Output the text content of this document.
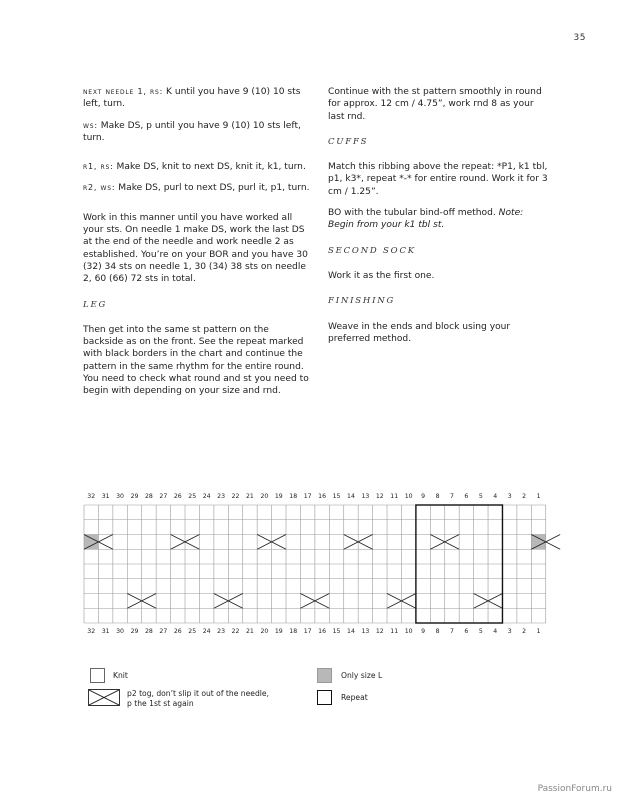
35

next needle 1, rs: K until you have 9 (10) 10 sts left, turn.

ws: Make DS, p until you have 9 (10) 10 sts left, turn.

r1, rs: Make DS, knit to next DS, knit it, k1, turn.

r2, ws: Make DS, purl to next DS, purl it, p1, turn.

Work in this manner until you have worked all your sts. On needle 1 make DS, work the last DS at the end of the needle and work needle 2 as established. You’re on your BOR and you have 30 (32) 34 sts on needle 1, 30 (34) 38 sts on needle 2, 60 (66) 72 sts in total.

LEG

Then get into the same st pattern on the backside as on the front. See the repeat marked with black borders in the chart and continue the pattern in the same rhythm for the entire round. You need to check what round and st you need to begin with depending on your size and rnd.

Continue with the st pattern smoothly in round for approx. 12 cm / 4.75”, work rnd 8 as your last rnd.

CUFFS

Match this ribbing above the repeat: *P1, k1 tbl, p1, k3*, repeat *-* for entire round. Work it for 3 cm / 1.25”.

BO with the tubular bind-off method. Note: Begin from your k1 tbl st.

SECOND SOCK

Work it as the first one.

FINISHING

Weave in the ends and block using your preferred method.

32
32
31
31
30
30
29
29
28
28
27
27
26
26
25
25
24
24
23
23
22
22
21
21
20
20
19
19
18
18
17
17
16
16
15
15
14
14
13
13
12
12
11
11
10
10
9
9
8
8
7
7
6
6
5
5
4
4
3
3
2
2
1
1
Knit
p2 tog, don’t slip it out of the needle,
p the 1st st again
Only size L
Repeat
PassionForum.ru
